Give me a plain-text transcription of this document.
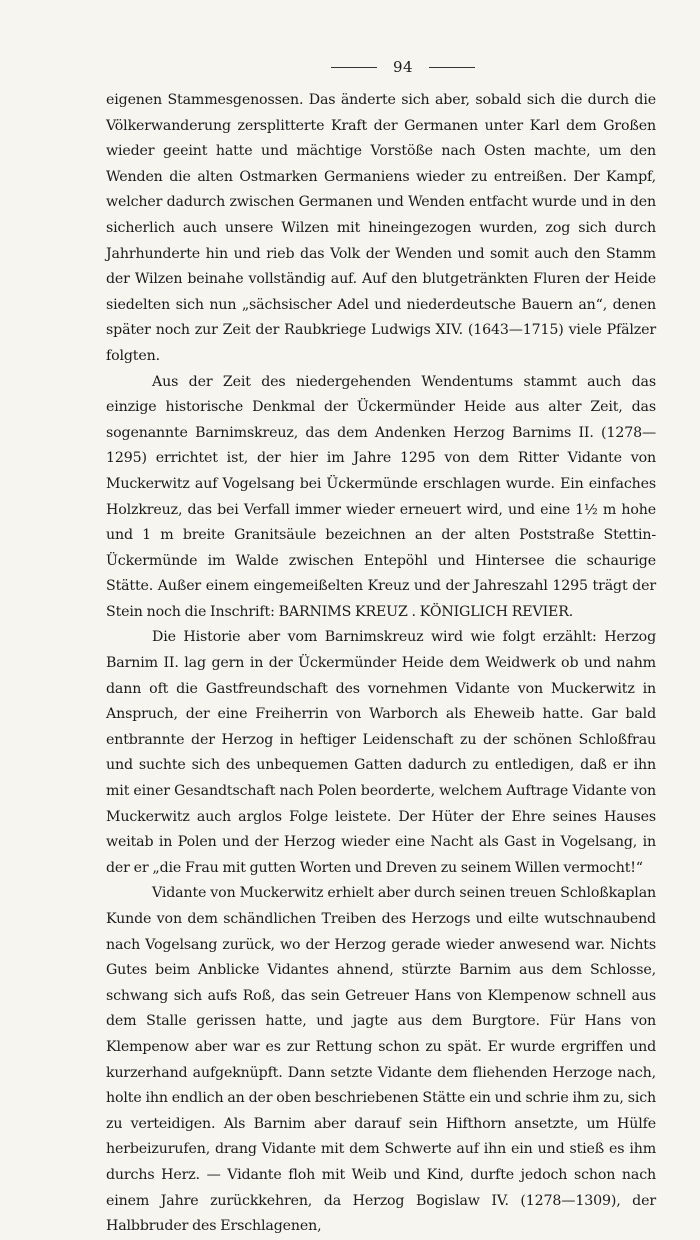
94

eigenen Stammesgenossen. Das änderte sich aber, sobald sich die durch die Völkerwanderung zersplitterte Kraft der Germanen unter Karl dem Großen wieder geeint hatte und mächtige Vorstöße nach Osten machte, um den Wenden die alten Ostmarken Germaniens wieder zu entreißen. Der Kampf, welcher dadurch zwischen Germanen und Wenden entfacht wurde und in den sicherlich auch unsere Wilzen mit hineingezogen wurden, zog sich durch Jahrhunderte hin und rieb das Volk der Wenden und somit auch den Stamm der Wilzen beinahe vollständig auf. Auf den blutgetränkten Fluren der Heide siedelten sich nun „sächsischer Adel und niederdeutsche Bauern an“, denen später noch zur Zeit der Raubkriege Ludwigs XIV. (1643—1715) viele Pfälzer folgten.

Aus der Zeit des niedergehenden Wendentums stammt auch das einzige historische Denkmal der Ückermünder Heide aus alter Zeit, das sogenannte Barnimskreuz, das dem Andenken Herzog Barnims II. (1278—1295) errichtet ist, der hier im Jahre 1295 von dem Ritter Vidante von Muckerwitz auf Vogelsang bei Ückermünde erschlagen wurde. Ein einfaches Holzkreuz, das bei Verfall immer wieder erneuert wird, und eine 1½ m hohe und 1 m breite Granitsäule bezeichnen an der alten Poststraße Stettin-Ückermünde im Walde zwischen Entepöhl und Hintersee die schaurige Stätte. Außer einem eingemeißelten Kreuz und der Jahreszahl 1295 trägt der Stein noch die Inschrift: BARNIMS KREUZ . KÖNIGLICH REVIER.

Die Historie aber vom Barnimskreuz wird wie folgt erzählt: Herzog Barnim II. lag gern in der Ückermünder Heide dem Weidwerk ob und nahm dann oft die Gastfreundschaft des vornehmen Vidante von Muckerwitz in Anspruch, der eine Freiherrin von Warborch als Eheweib hatte. Gar bald entbrannte der Herzog in heftiger Leidenschaft zu der schönen Schloßfrau und suchte sich des unbequemen Gatten dadurch zu entledigen, daß er ihn mit einer Gesandtschaft nach Polen beorderte, welchem Auftrage Vidante von Muckerwitz auch arglos Folge leistete. Der Hüter der Ehre seines Hauses weitab in Polen und der Herzog wieder eine Nacht als Gast in Vogelsang, in der er „die Frau mit gutten Worten und Dreven zu seinem Willen vermocht!“

Vidante von Muckerwitz erhielt aber durch seinen treuen Schloßkaplan Kunde von dem schändlichen Treiben des Herzogs und eilte wutschnaubend nach Vogelsang zurück, wo der Herzog gerade wieder anwesend war. Nichts Gutes beim Anblicke Vidantes ahnend, stürzte Barnim aus dem Schlosse, schwang sich aufs Roß, das sein Getreuer Hans von Klempenow schnell aus dem Stalle gerissen hatte, und jagte aus dem Burgtore. Für Hans von Klempenow aber war es zur Rettung schon zu spät. Er wurde ergriffen und kurzerhand aufgeknüpft. Dann setzte Vidante dem fliehenden Herzoge nach, holte ihn endlich an der oben beschriebenen Stätte ein und schrie ihm zu, sich zu verteidigen. Als Barnim aber darauf sein Hifthorn ansetzte, um Hülfe herbeizurufen, drang Vidante mit dem Schwerte auf ihn ein und stieß es ihm durchs Herz. — Vidante floh mit Weib und Kind, durfte jedoch schon nach einem Jahre zurückkehren, da Herzog Bogislaw IV. (1278—1309), der Halbbruder des Erschlagenen,
